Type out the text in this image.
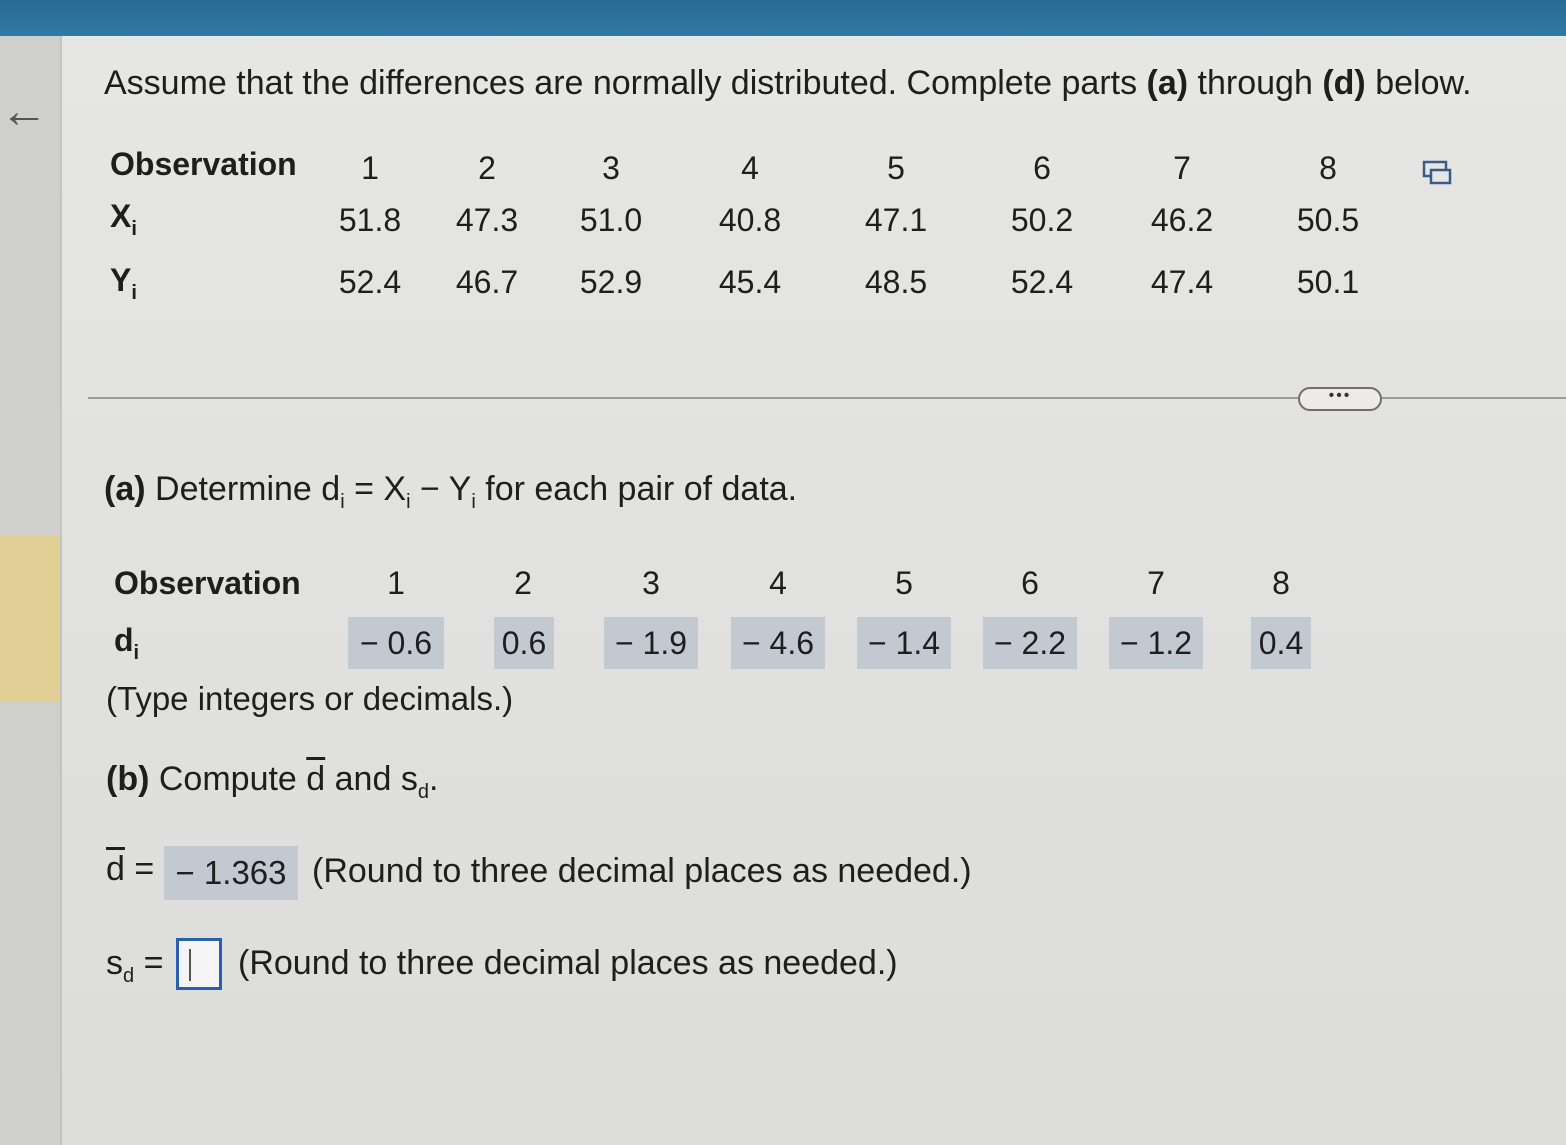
←
Assume that the differences are normally distributed. Complete parts (a) through (d) below.
Observation
$X_i$
$Y_i$
1	2	3	4	5	6	7	8
51.8 47.3 51.0 40.8	47.1	50.2 46.2	50.5
52.4 46.7 52.9 45.4	48.5	52.4 47.4	50.1
•••
(a) Determine $d_i = X_i - Y_i$ for each pair of data.
Observation
$d_i$
1	2	3	4	5	6	7	8
− 0.6	0.6	− 1.9	− 4.6	− 1.4	− 2.2	− 1.2	0.4
(Type integers or decimals.)
(b) Compute $\overline{d}$ and $s_d$.
$\overline{d}$ = − 1.363 (Round to three decimal places as needed.)
$s_d$ = (Round to three decimal places as needed.)
